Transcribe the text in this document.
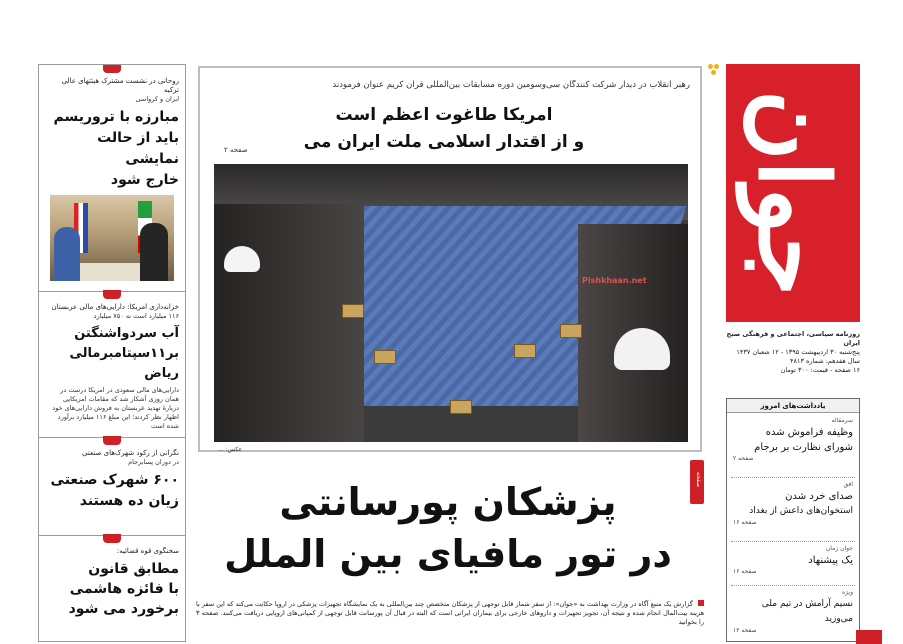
روحانی در نشست مشترک هیئتهای عالی ترکیه
ایران و کرواسی
مبارزه با تروریسم
باید از حالت نمایشی
خارج شود
خزانه‌داری امریکا: دارایی‌های مالی عربستان
۱۱۶ میلیارد است نه ۷۵۰ میلیارد
آب سردواشنگتن
بر۱۱سپتامبرمالی ریاض
دارایی‌های مالی سعودی در امریکا درست در همان روزی آشکار شد که مقامات امریکایی دربارهٔ تهدید عربستان به فروش دارایی‌های خود اظهار نظر کردند؛ این مبلغ ۱۱۶ میلیارد برآورد شده است
نگرانی از رکود شهرک‌های صنعتی
در دوران پسابرجام
۶۰۰ شهرک صنعتی
زیان ده هستند
سخنگوی قوه قضائیه:
مطابق قانون
با فائزه هاشمی
برخورد می شود
رهبر انقلاب در دیدار شرکت کنندگان سی‌وسومین دوره مسابقات بین‌المللی قرآن کریم عنوان فرمودند
امریکا طاغوت اعظم است
و از اقتدار اسلامی ملت ایران می
صفحه ۲
Pishkhaan.net
عکس: ...
پزشکان پورسانتی
در تور مافیای بین الملل
صفحه
گزارش یک منبع آگاه در وزارت بهداشت به «جوان»: از سفر شمار قابل توجهی از پزشکان متخصص چند بین‌المللی به یک نمایشگاه تجهیزات پزشکی در اروپا حکایت می‌کند که این سفر با هزینه بیت‌المال انجام شده و نتیجه آن، تجویز تجهیزات و داروهای خارجی برای بیماران ایرانی است که البته در قبال آن پورسانت قابل توجهی از کمپانی‌های اروپایی دریافت می‌کنند. صفحه ۳ را بخوانید
جوان
روزنامه سیاسی، اجتماعی و فرهنگی صبح ایران
پنج‌شنبه ۳۰ اردیبهشت ۱۳۹۵ - ۱۲ شعبان ۱۴۳۷
سال هفدهم، شماره ۴۸۱۳
۱۶ صفحه - قیمت: ۳۰۰ تومان
یادداشت‌های امروز
سرمقاله
وظیفه فراموش شده
شورای نظارت بر برجام
صفحه ۲
افق
صدای خرد شدن
استخوان‌های داعش از بغداد
صفحه ۱۶
جوان زمان
یک پیشنهاد
صفحه ۱۶
ویژه
نسیم آرامش در تیم ملی می‌وزید
صفحه ۱۲
